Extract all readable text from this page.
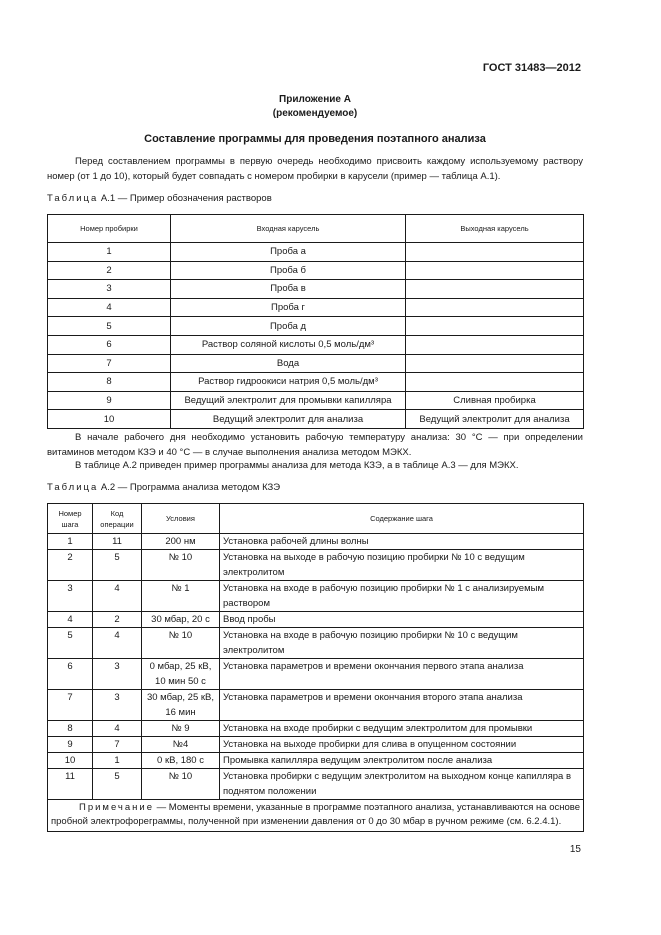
ГОСТ 31483—2012
Приложение А
(рекомендуемое)
Составление программы для проведения поэтапного анализа
Перед составлением программы в первую очередь необходимо присвоить каждому используемому раствору номер (от 1 до 10), который будет совпадать с номером пробирки в карусели (пример — таблица А.1).
Таблица А.1 — Пример обозначения растворов
Номер пробирки	Входная карусель	Выходная карусель
1	Проба а	
2	Проба б	
3	Проба в	
4	Проба г	
5	Проба д	
6	Раствор соляной кислоты 0,5 моль/дм³	
7	Вода	
8	Раствор гидроокиси натрия 0,5 моль/дм³	
9	Ведущий электролит для промывки капилляра	Сливная пробирка
10	Ведущий электролит для анализа	Ведущий электролит для анализа
В начале рабочего дня необходимо установить рабочую температуру анализа: 30 °С — при определении витаминов методом КЗЭ и 40 °С — в случае выполнения анализа методом МЭКХ.
В таблице А.2 приведен пример программы анализа для метода КЗЭ, а в таблице А.3 — для МЭКХ.
Таблица А.2 — Программа анализа методом КЗЭ
Номер шага	Код операции	Условия	Содержание шага
1	11	200 нм	Установка рабочей длины волны
2	5	№ 10	Установка на выходе в рабочую позицию пробирки № 10 с ведущим электролитом
3	4	№ 1	Установка на входе в рабочую позицию пробирки № 1 с анализируемым раствором
4	2	30 мбар, 20 с	Ввод пробы
5	4	№ 10	Установка на входе в рабочую позицию пробирки № 10 с ведущим электролитом
6	3	0 мбар, 25 кВ, 10 мин 50 с	Установка параметров и времени окончания первого этапа анализа
7	3	30 мбар, 25 кВ, 16 мин	Установка параметров и времени окончания второго этапа анализа
8	4	№ 9	Установка на входе пробирки с ведущим электролитом для промывки
9	7	№4	Установка на выходе пробирки для слива в опущенном состоянии
10	1	0 кВ, 180 с	Промывка капилляра ведущим электролитом после анализа
11	5	№ 10	Установка пробирки с ведущим электролитом на выходном конце капилляра в поднятом положении
Примечание — Моменты времени, указанные в программе поэтапного анализа, устанавливаются на основе пробной электрофореграммы, полученной при изменении давления от 0 до 30 мбар в ручном режиме (см. 6.2.4.1).			
15
